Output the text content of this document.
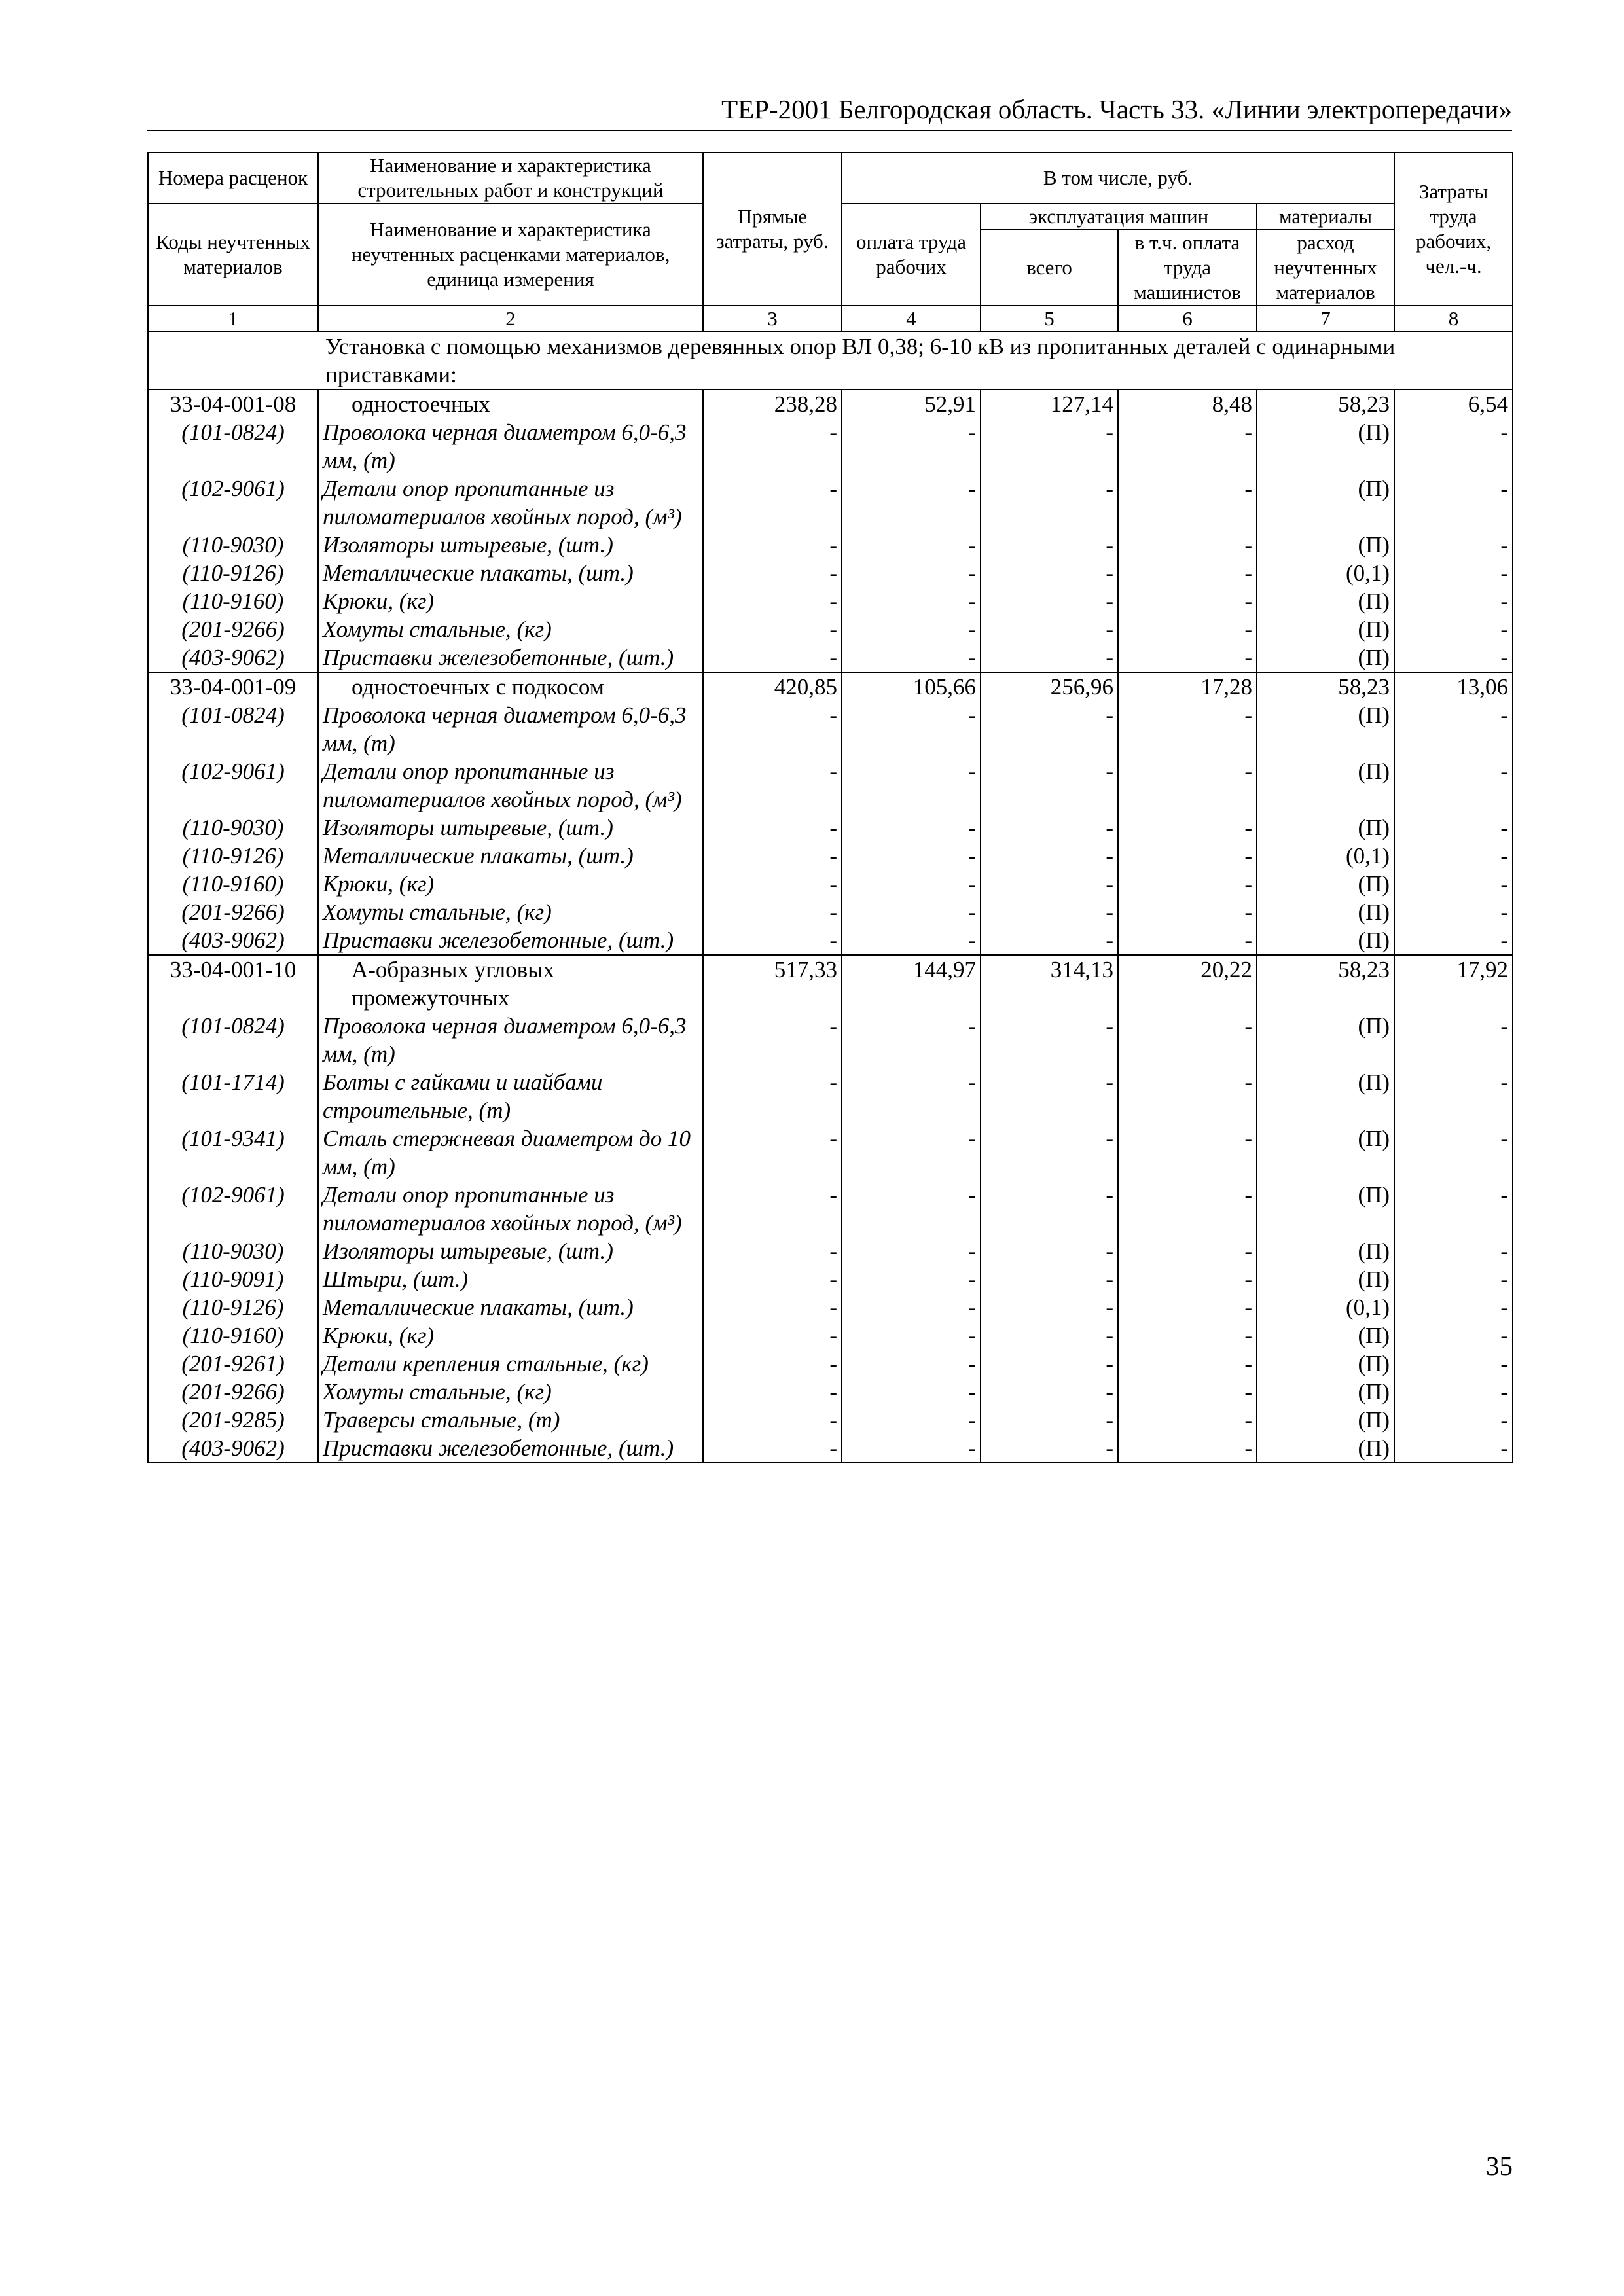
ТЕР-2001 Белгородская область. Часть 33. «Линии электропередачи»
Номера расценок	Наименование и характеристика строительных работ и конструкций	Прямые затраты, руб.	В том числе, руб.				Затраты труда рабочих, чел.-ч.
Коды неучтенных материалов	Наименование и характеристика неучтенных расценками материалов, единица измерения		оплата труда рабочих	эксплуатация машин		материалы	
				всего	в т.ч. оплата труда машинистов	расход неучтенных материалов	
1	2	3	4	5	6	7	8
Установка с помощью механизмов деревянных опор ВЛ 0,38; 6-10 кВ из пропитанных деталей с одинарными приставками:							
33-04-001-08	одностоечных	238,28	52,91	127,14	8,48	58,23	6,54
(101-0824)	Проволока черная диаметром 6,0-6,3 мм, (т)	-	-	-	-	(П)	-
(102-9061)	Детали опор пропитанные из пиломатериалов хвойных пород, (м³)	-	-	-	-	(П)	-
(110-9030)	Изоляторы штыревые, (шт.)	-	-	-	-	(П)	-
(110-9126)	Металлические плакаты, (шт.)	-	-	-	-	(0,1)	-
(110-9160)	Крюки, (кг)	-	-	-	-	(П)	-
(201-9266)	Хомуты стальные, (кг)	-	-	-	-	(П)	-
(403-9062)	Приставки железобетонные, (шт.)	-	-	-	-	(П)	-
33-04-001-09	одностоечных с подкосом	420,85	105,66	256,96	17,28	58,23	13,06
(101-0824)	Проволока черная диаметром 6,0-6,3 мм, (т)	-	-	-	-	(П)	-
(102-9061)	Детали опор пропитанные из пиломатериалов хвойных пород, (м³)	-	-	-	-	(П)	-
(110-9030)	Изоляторы штыревые, (шт.)	-	-	-	-	(П)	-
(110-9126)	Металлические плакаты, (шт.)	-	-	-	-	(0,1)	-
(110-9160)	Крюки, (кг)	-	-	-	-	(П)	-
(201-9266)	Хомуты стальные, (кг)	-	-	-	-	(П)	-
(403-9062)	Приставки железобетонные, (шт.)	-	-	-	-	(П)	-
33-04-001-10	А-образных угловых промежуточных	517,33	144,97	314,13	20,22	58,23	17,92
(101-0824)	Проволока черная диаметром 6,0-6,3 мм, (т)	-	-	-	-	(П)	-
(101-1714)	Болты с гайками и шайбами строительные, (т)	-	-	-	-	(П)	-
(101-9341)	Сталь стержневая диаметром до 10 мм, (т)	-	-	-	-	(П)	-
(102-9061)	Детали опор пропитанные из пиломатериалов хвойных пород, (м³)	-	-	-	-	(П)	-
(110-9030)	Изоляторы штыревые, (шт.)	-	-	-	-	(П)	-
(110-9091)	Штыри, (шт.)	-	-	-	-	(П)	-
(110-9126)	Металлические плакаты, (шт.)	-	-	-	-	(0,1)	-
(110-9160)	Крюки, (кг)	-	-	-	-	(П)	-
(201-9261)	Детали крепления стальные, (кг)	-	-	-	-	(П)	-
(201-9266)	Хомуты стальные, (кг)	-	-	-	-	(П)	-
(201-9285)	Траверсы стальные, (т)	-	-	-	-	(П)	-
(403-9062)	Приставки железобетонные, (шт.)	-	-	-	-	(П)	-
35
